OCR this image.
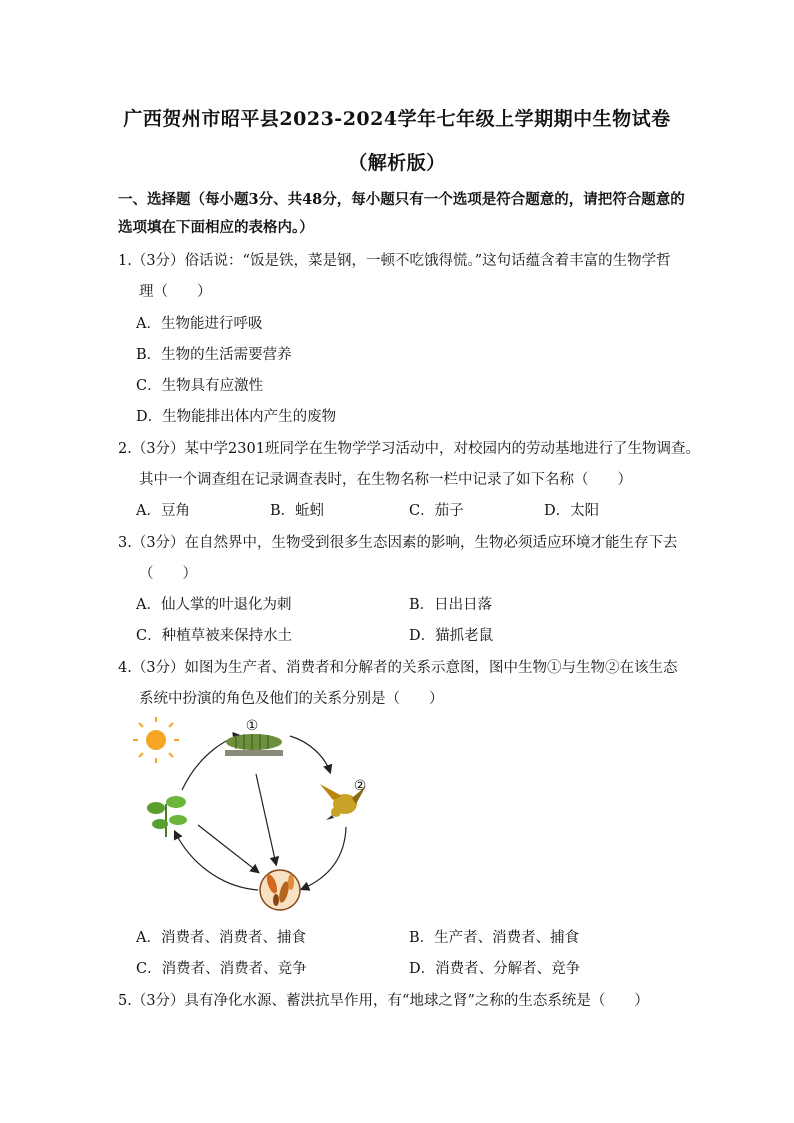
广西贺州市昭平县2023-2024学年七年级上学期期中生物试卷
（解析版）
一、选择题（每小题3分、共48分，每小题只有一个选项是符合题意的，请把符合题意的
选项填在下面相应的表格内。）
1.（3分）俗话说：“饭是铁，菜是钢，一顿不吃饿得慌。”这句话蕴含着丰富的生物学哲
理（　　）
A．生物能进行呼吸
B．生物的生活需要营养
C．生物具有应激性
D．生物能排出体内产生的废物
2.（3分）某中学2301班同学在生物学学习活动中，对校园内的劳动基地进行了生物调查。
其中一个调查组在记录调查表时，在生物名称一栏中记录了如下名称（　　）
A．豆角	B．蚯蚓	C．茄子	D．太阳
3.（3分）在自然界中，生物受到很多生态因素的影响，生物必须适应环境才能生存下去
（　　）
A．仙人掌的叶退化为刺	B．日出日落
C．种植草被来保持水土	D．猫抓老鼠
4.（3分）如图为生产者、消费者和分解者的关系示意图，图中生物①与生物②在该生态
系统中扮演的角色及他们的关系分别是（　　）
①
②
A．消费者、消费者、捕食	B．生产者、消费者、捕食
C．消费者、消费者、竞争	D．消费者、分解者、竞争
5.（3分）具有净化水源、蓄洪抗旱作用，有“地球之肾”之称的生态系统是（　　）
